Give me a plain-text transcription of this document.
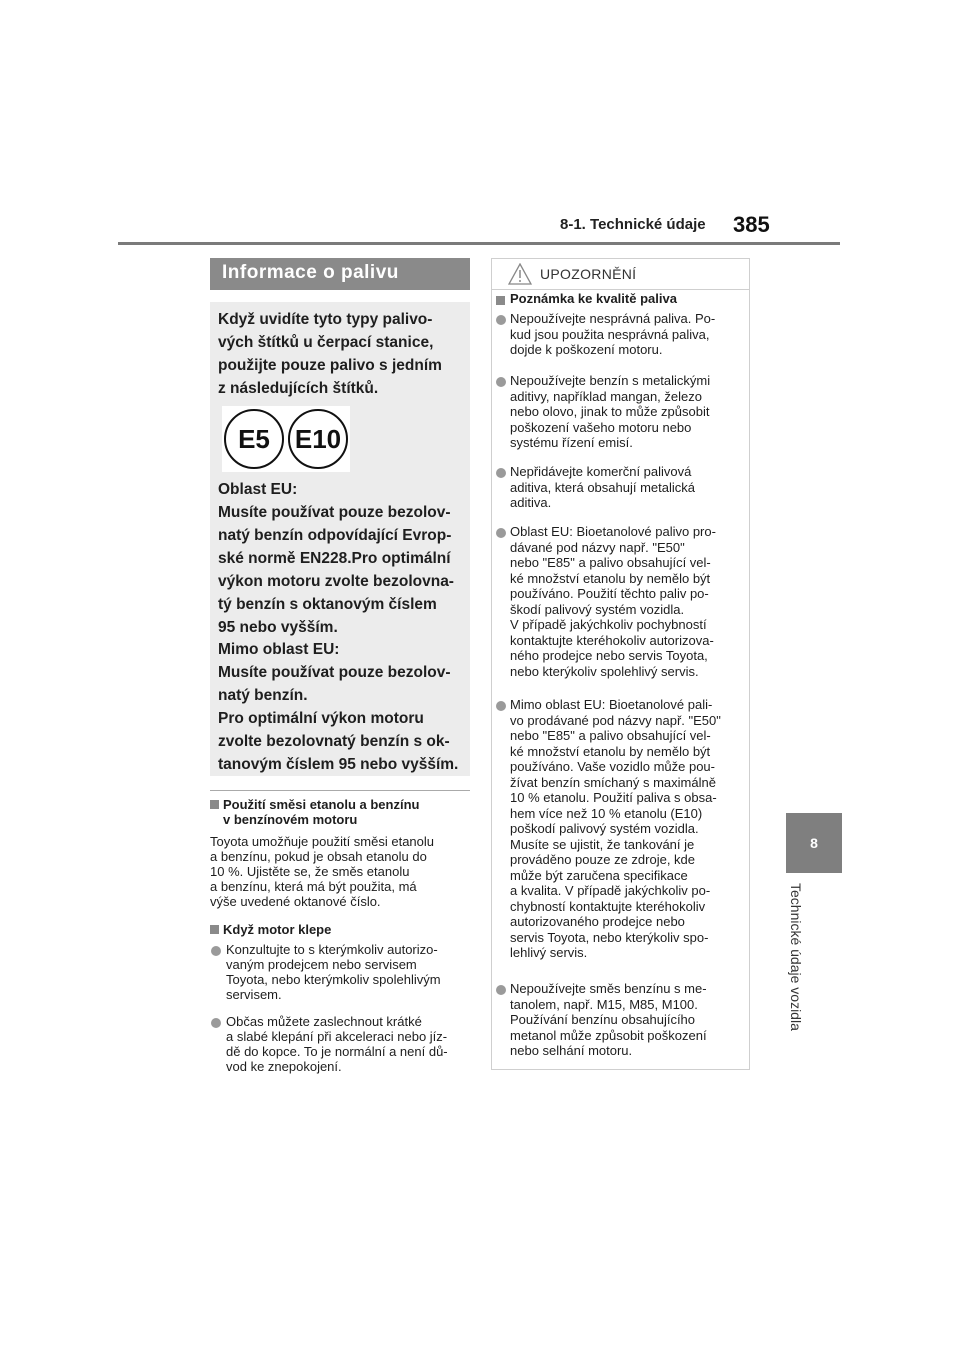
8-1. Technické údaje 385
8
Technické údaje vozidla
Informace o palivu
Když uvidíte tyto typy palivo-
vých štítků u čerpací stanice,
použijte pouze palivo s jedním
z následujících štítků.
E5 E10
Oblast EU:
Musíte používat pouze bezolov-
natý benzín odpovídající Evrop-
ské normě EN228.Pro optimální
výkon motoru zvolte bezolovna-
tý benzín s oktanovým číslem
95 nebo vyšším.
Mimo oblast EU:
Musíte používat pouze bezolov-
natý benzín.
Pro optimální výkon motoru
zvolte bezolovnatý benzín s ok-
tanovým číslem 95 nebo vyšším.
Použití směsi etanolu a benzínu
v benzínovém motoru
Toyota umožňuje použití směsi etanolu
a benzínu, pokud je obsah etanolu do
10 %. Ujistěte se, že směs etanolu
a benzínu, která má být použita, má
výše uvedené oktanové číslo.
Když motor klepe
Konzultujte to s kterýmkoliv autorizo-
vaným prodejcem nebo servisem
Toyota, nebo kterýmkoliv spolehlivým
servisem.
Občas můžete zaslechnout krátké
a slabé klepání při akceleraci nebo jíz-
dě do kopce. To je normální a není dů-
vod ke znepokojení.
UPOZORNĚNÍ
Poznámka ke kvalitě paliva
Nepoužívejte nesprávná paliva. Po-
kud jsou použita nesprávná paliva,
dojde k poškození motoru.
Nepoužívejte benzín s metalickými
aditivy, například mangan, železo
nebo olovo, jinak to může způsobit
poškození vašeho motoru nebo
systému řízení emisí.
Nepřidávejte komerční palivová
aditiva, která obsahují metalická
aditiva.
Oblast EU: Bioetanolové palivo pro-
dávané pod názvy např. "E50"
nebo "E85" a palivo obsahující vel-
ké množství etanolu by nemělo být
používáno. Použití těchto paliv po-
škodí palivový systém vozidla.
V případě jakýchkoliv pochybností
kontaktujte kteréhokoliv autorizova-
ného prodejce nebo servis Toyota,
nebo kterýkoliv spolehlivý servis.
Mimo oblast EU: Bioetanolové pali-
vo prodávané pod názvy např. "E50"
nebo "E85" a palivo obsahující vel-
ké množství etanolu by nemělo být
používáno. Vaše vozidlo může pou-
žívat benzín smíchaný s maximálně
10 % etanolu. Použití paliva s obsa-
hem více než 10 % etanolu (E10)
poškodí palivový systém vozidla.
Musíte se ujistit, že tankování je
prováděno pouze ze zdroje, kde
může být zaručena specifikace
a kvalita. V případě jakýchkoliv po-
chybností kontaktujte kteréhokoliv
autorizovaného prodejce nebo
servis Toyota, nebo kterýkoliv spo-
lehlivý servis.
Nepoužívejte směs benzínu s me-
tanolem, např. M15, M85, M100.
Používání benzínu obsahujícího
metanol může způsobit poškození
nebo selhání motoru.
